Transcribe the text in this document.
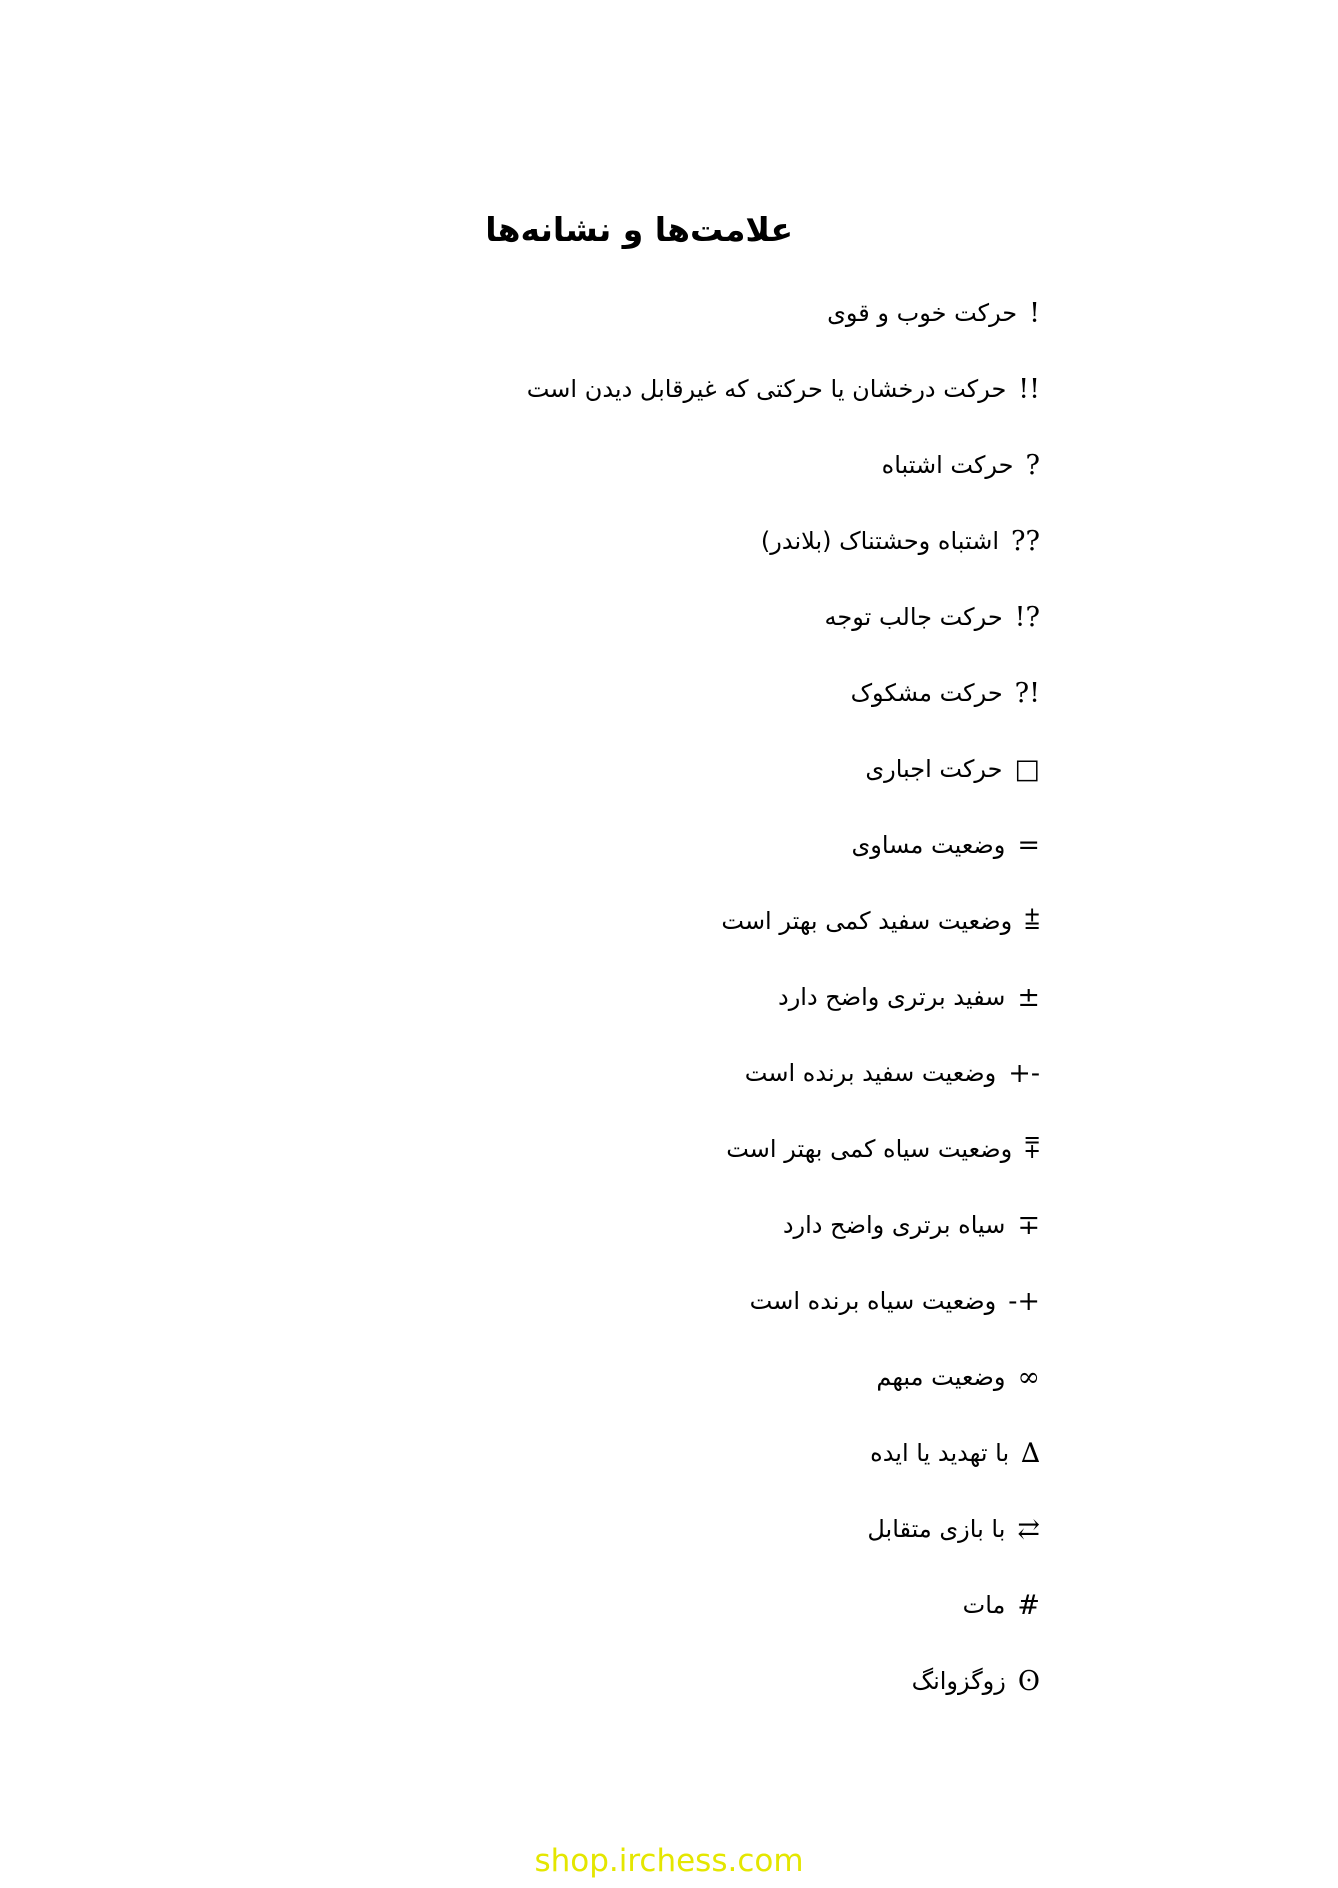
علامت‌ها و نشانه‌ها
!
حرکت خوب و قوی
!!
حرکت درخشان یا حرکتی که غیرقابل دیدن است
?
حرکت اشتباه
??
اشتباه وحشتناک (بلاندر)
!?
حرکت جالب توجه
?!
حرکت مشکوک
□
حرکت اجباری
=
وضعیت مساوی
⩲
وضعیت سفید کمی بهتر است
±
سفید برتری واضح دارد
+-
وضعیت سفید برنده است
⩱
وضعیت سیاه کمی بهتر است
∓
سیاه برتری واضح دارد
-+
وضعیت سیاه برنده است
∞
وضعیت مبهم
∆
با تهدید یا ایده
⇄
با بازی متقابل
#
مات
ʘ
زوگزوانگ
shop.irchess.com
